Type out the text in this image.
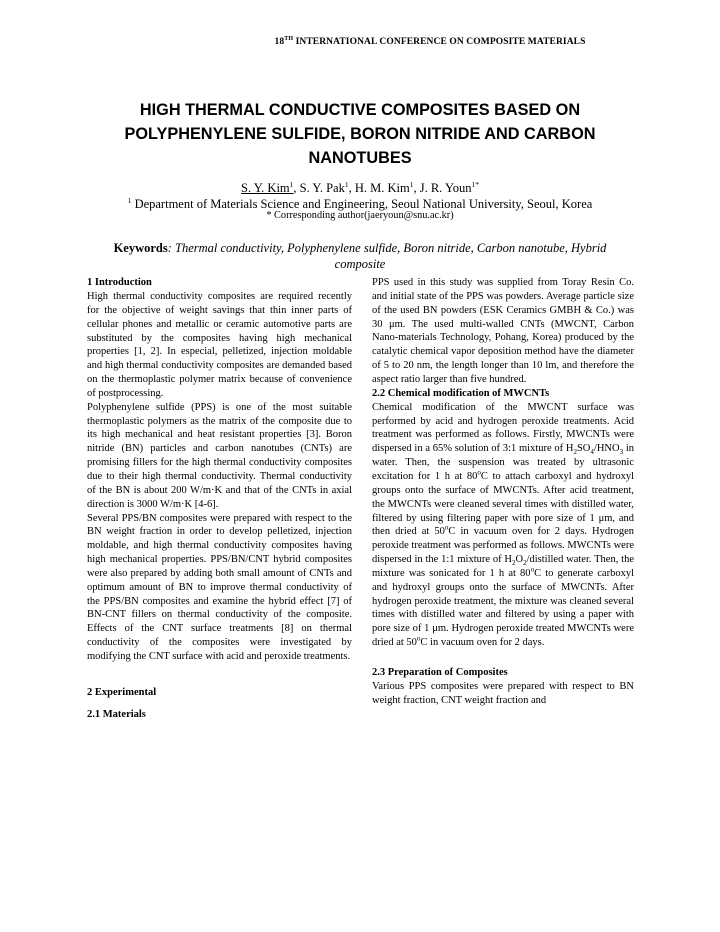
18TH INTERNATIONAL CONFERENCE ON COMPOSITE MATERIALS
HIGH THERMAL CONDUCTIVE COMPOSITES BASED ON
POLYPHENYLENE SULFIDE, BORON NITRIDE AND CARBON
NANOTUBES
S. Y. Kim$^1$, S. Y. Pak$^1$, H. M. Kim$^1$, J. R. Youn$^{1*}$
$^1$ Department of Materials Science and Engineering, Seoul National University, Seoul, Korea
* Corresponding author(jaeryoun@snu.ac.kr)
Keywords: Thermal conductivity, Polyphenylene sulfide, Boron nitride, Carbon nanotube, Hybrid composite

1 Introduction

High thermal conductivity composites are required recently for the objective of weight savings that thin inner parts of cellular phones and metallic or ceramic automotive parts are substituted by the composites having high mechanical properties [1, 2]. In especial, pelletized, injection moldable and high thermal conductivity composites are demanded based on the thermoplastic polymer matrix because of convenience of postprocessing.

Polyphenylene sulfide (PPS) is one of the most suitable thermoplastic polymers as the matrix of the composite due to its high mechanical and heat resistant properties [3]. Boron nitride (BN) particles and carbon nanotubes (CNTs) are promising fillers for the high thermal conductivity composites due to their high thermal conductivity. Thermal conductivity of the BN is about 200 W/m·K and that of the CNTs in axial direction is 3000 W/m·K [4-6].

Several PPS/BN composites were prepared with respect to the BN weight fraction in order to develop pelletized, injection moldable, and high thermal conductivity composites having high mechanical properties. PPS/BN/CNT hybrid composites were also prepared by adding both small amount of CNTs and optimum amount of BN to improve thermal conductivity of the PPS/BN composites and examine the hybrid effect [7] of BN-CNT fillers on thermal conductivity of the composite. Effects of the CNT surface treatments [8] on thermal conductivity of the composites were investigated by modifying the CNT surface with acid and peroxide treatments.

2 Experimental

2.1 Materials

PPS used in this study was supplied from Toray Resin Co. and initial state of the PPS was powders. Average particle size of the used BN powders (ESK Ceramics GMBH & Co.) was 30 μm. The used multi-walled CNTs (MWCNT, Carbon Nano-materials Technology, Pohang, Korea) produced by the catalytic chemical vapor deposition method have the diameter of 5 to 20 nm, the length longer than 10 lm, and therefore the aspect ratio larger than five hundred.

2.2 Chemical modification of MWCNTs

Chemical modification of the MWCNT surface was performed by acid and hydrogen peroxide treatments. Acid treatment was performed as follows. Firstly, MWCNTs were dispersed in a 65% solution of 3:1 mixture of $H_2SO_4/HNO_3$ in water. Then, the suspension was treated by ultrasonic excitation for 1 h at 80$^o$C to attach carboxyl and hydroxyl groups onto the surface of MWCNTs. After acid treatment, the MWCNTs were cleaned several times with distilled water, filtered by using filtering paper with pore size of 1 μm, and then dried at 50$^o$C in vacuum oven for 2 days. Hydrogen peroxide treatment was performed as follows. MWCNTs were dispersed in the 1:1 mixture of $H_2O_2$/distilled water. Then, the mixture was sonicated for 1 h at 80$^o$C to generate carboxyl and hydroxyl groups onto the surface of MWCNTs. After hydrogen peroxide treatment, the mixture was cleaned several times with distilled water and filtered by using a paper with pore size of 1 μm. Hydrogen peroxide treated MWCNTs were dried at 50$^o$C in vacuum oven for 2 days.

2.3 Preparation of Composites

Various PPS composites were prepared with respect to BN weight fraction, CNT weight fraction and
